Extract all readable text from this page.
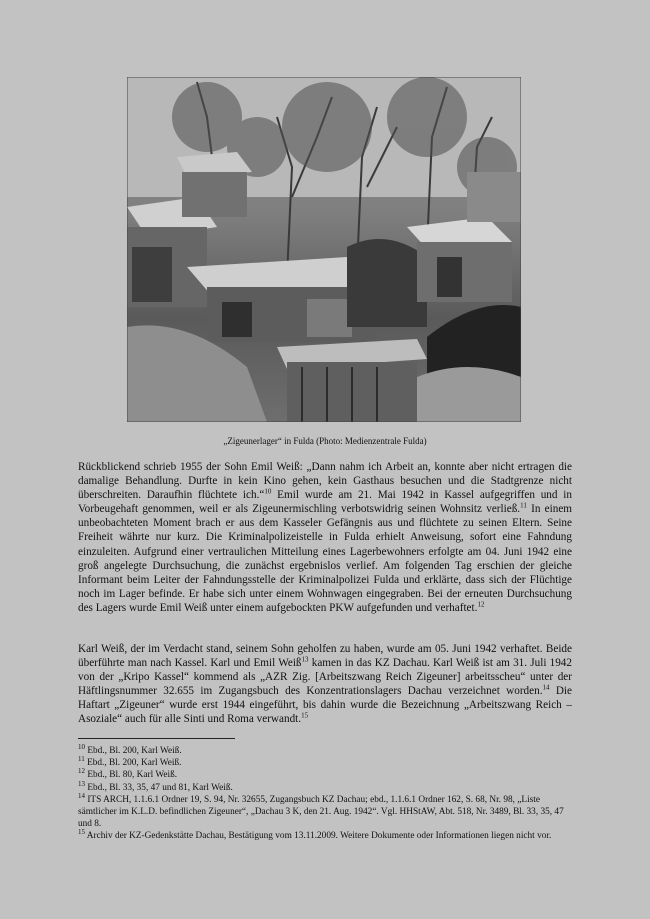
„Zigeunerlager“ in Fulda (Photo: Medienzentrale Fulda)

Rückblickend schrieb 1955 der Sohn Emil Weiß: „Dann nahm ich Arbeit an, konnte aber nicht ertragen die damalige Behandlung. Durfte in kein Kino gehen, kein Gasthaus besuchen und die Stadtgrenze nicht überschreiten. Daraufhin flüchtete ich.“$^{10}$ Emil wurde am 21. Mai 1942 in Kassel aufgegriffen und in Vorbeugehaft genommen, weil er als Zigeunermischling verbotswidrig seinen Wohnsitz verließ.$^{11}$ In einem unbeobachteten Moment brach er aus dem Kasseler Gefängnis aus und flüchtete zu seinen Eltern. Seine Freiheit währte nur kurz. Die Kriminalpolizeistelle in Fulda erhielt Anweisung, sofort eine Fahndung einzuleiten. Aufgrund einer vertraulichen Mitteilung eines Lagerbewohners erfolgte am 04. Juni 1942 eine groß angelegte Durchsuchung, die zunächst ergebnislos verlief. Am folgenden Tag erschien der gleiche Informant beim Leiter der Fahndungsstelle der Kriminalpolizei Fulda und erklärte, dass sich der Flüchtige noch im Lager befinde. Er habe sich unter einem Wohnwagen eingegraben. Bei der erneuten Durchsuchung des Lagers wurde Emil Weiß unter einem aufgebockten PKW aufgefunden und verhaftet.$^{12}$

Karl Weiß, der im Verdacht stand, seinem Sohn geholfen zu haben, wurde am 05. Juni 1942 verhaftet. Beide überführte man nach Kassel. Karl und Emil Weiß$^{13}$ kamen in das KZ Dachau. Karl Weiß ist am 31. Juli 1942 von der „Kripo Kassel“ kommend als „AZR Zig. [Arbeitszwang Reich Zigeuner] arbeitsscheu“ unter der Häftlingsnummer 32.655 im Zugangsbuch des Konzentrationslagers Dachau verzeichnet worden.$^{14}$ Die Haftart „Zigeuner“ wurde erst 1944 eingeführt, bis dahin wurde die Bezeichnung „Arbeitszwang Reich – Asoziale“ auch für alle Sinti und Roma verwandt.$^{15}$

$^{10}$ Ebd., Bl. 200, Karl Weiß.
$^{11}$ Ebd., Bl. 200, Karl Weiß.
$^{12}$ Ebd., Bl. 80, Karl Weiß.
$^{13}$ Ebd., Bl. 33, 35, 47 und 81, Karl Weiß.
$^{14}$ ITS ARCH, 1.1.6.1 Ordner 19, S. 94, Nr. 32655, Zugangsbuch KZ Dachau; ebd., 1.1.6.1 Ordner 162, S. 68, Nr. 98, „Liste sämtlicher im K.L.D. befindlichen Zigeuner“, „Dachau 3 K, den 21. Aug. 1942“. Vgl. HHStAW, Abt. 518, Nr. 3489, Bl. 33, 35, 47 und 8.
$^{15}$ Archiv der KZ-Gedenkstätte Dachau, Bestätigung vom 13.11.2009. Weitere Dokumente oder Informationen liegen nicht vor.
